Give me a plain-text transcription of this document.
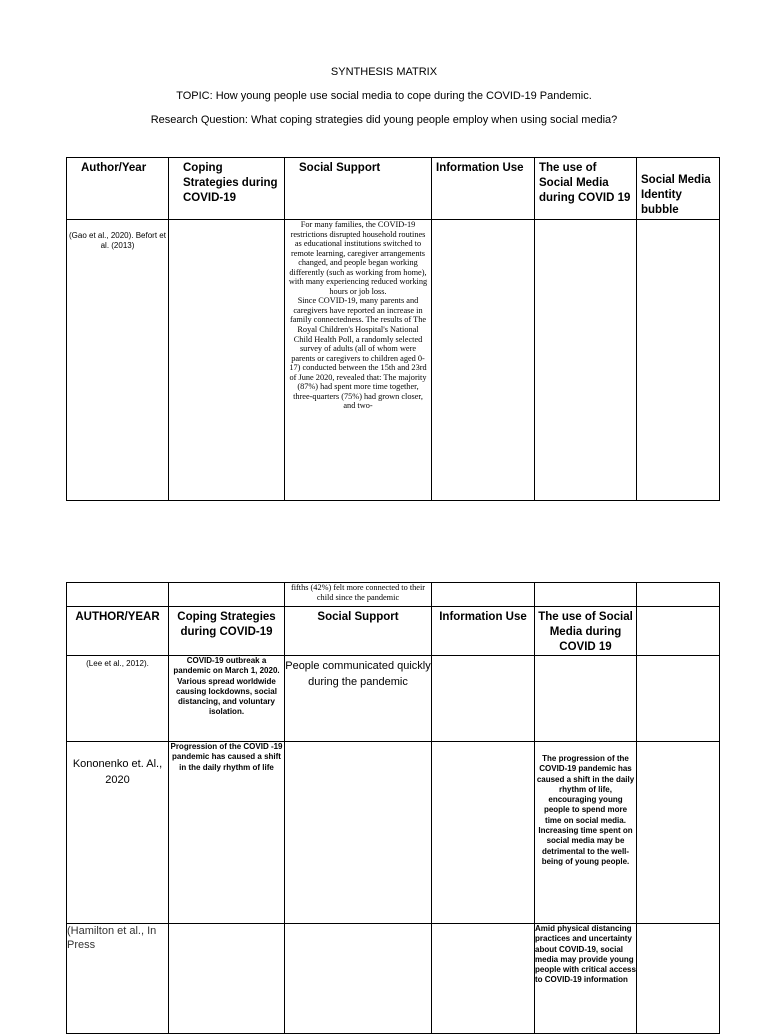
SYNTHESIS MATRIX
TOPIC: How young people use social media to cope during the COVID-19 Pandemic.
Research Question: What coping strategies did young people employ when using social media?
Author/Year	Coping Strategies during COVID-19	Social Support	Information Use	The use of Social Media during COVID 19	Social Media Identity bubble
(Gao et al., 2020). Befort et al. (2013)		For many families, the COVID-19 restrictions disrupted household routines as educational institutions switched to remote learning, caregiver arrangements changed, and people began working differently (such as working from home), with many experiencing reduced working hours or job loss.
Since COVID-19, many parents and caregivers have reported an increase in family connectedness. The results of The Royal Children's Hospital's National Child Health Poll, a randomly selected survey of adults (all of whom were parents or caregivers to children aged 0-17) conducted between the 15th and 23rd of June 2020, revealed that: The majority (87%) had spent more time together, three-quarters (75%) had grown closer, and two-			

		fifths (42%) felt more connected to their child since the pandemic			
AUTHOR/YEAR	Coping Strategies during COVID-19	Social Support	Information Use	The use of Social Media during COVID 19	
(Lee et al., 2012).	COVID-19 outbreak a pandemic on March 1, 2020. Various spread worldwide causing lockdowns, social distancing, and voluntary isolation.	People communicated quickly during the pandemic			
Kononenko et. Al., 2020	Progression of the COVID -19 pandemic has caused a shift in the daily rhythm of life			The progression of the COVID-19 pandemic has caused a shift in the daily rhythm of life, encouraging young people to spend more time on social media. Increasing time spent on social media may be detrimental to the well-being of young people.	
(Hamilton et al., In Press				Amid physical distancing practices and uncertainty about COVID-19, social media may provide young people with critical access to COVID-19 information	
